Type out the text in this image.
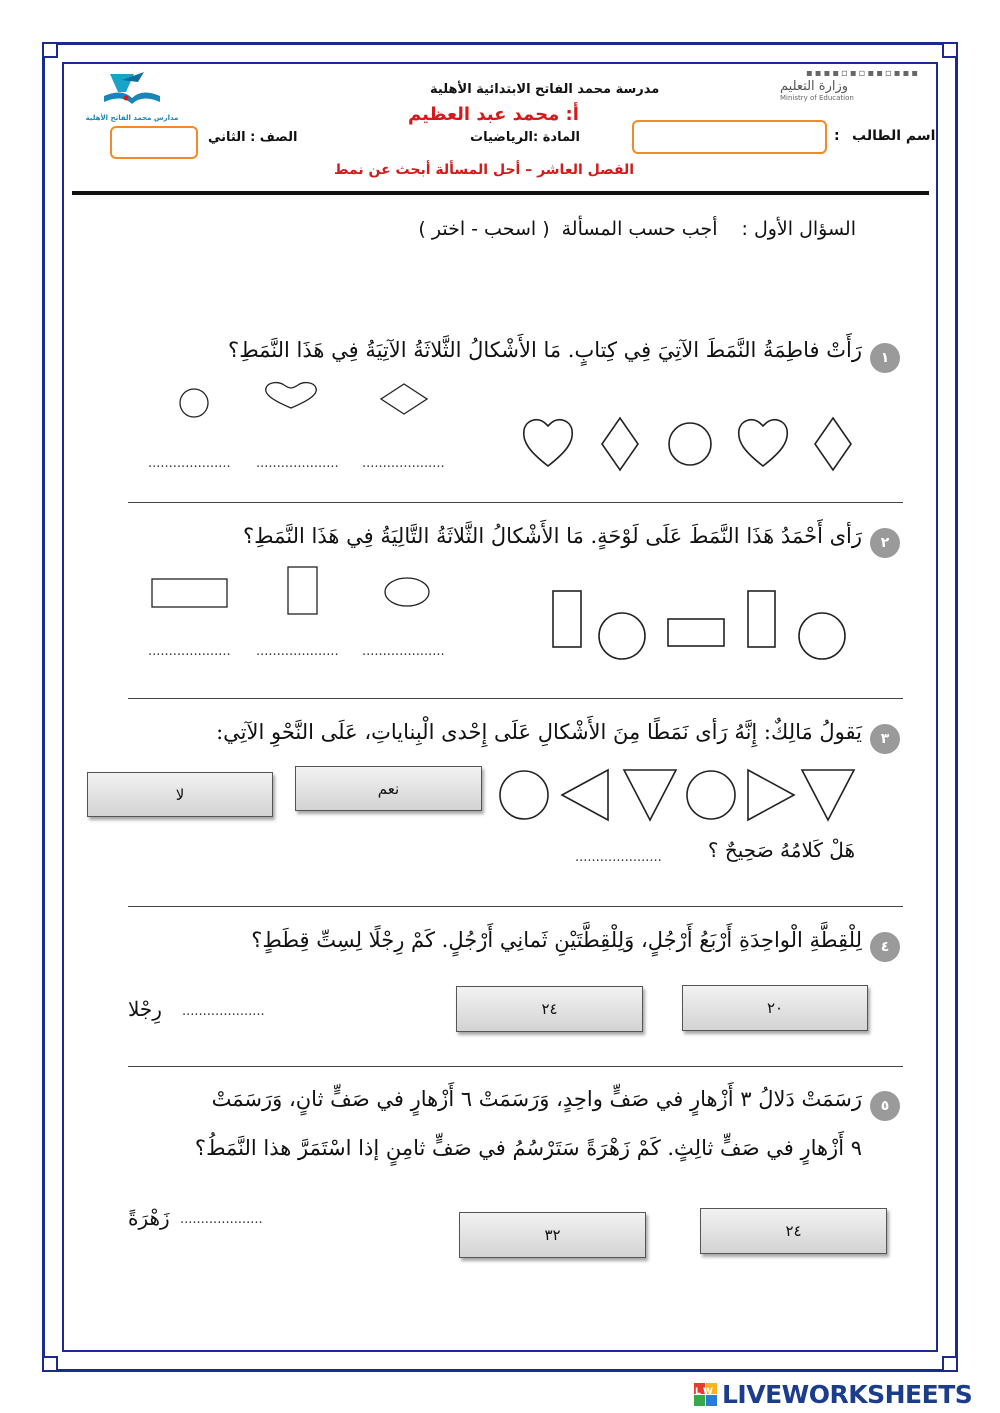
مدارس محمد الفاتح الأهلية
▪▪▪▪▫▪▫▪▪▫▪▪▪
وزارة التعليم
Ministry of Education
مدرسة محمد الفاتح الابتدائية الأهلية
أ: محمد عبد العظيم
المادة :الرياضيات	اسم الطالب
:
الصف : الثاني
الفصل العاشر – أحل المسألة أبحث عن نمط
السؤال الأول :
أجب حسب المسألة
( اسحب - اختر )
١
رَأَتْ فاطِمَةُ النَّمَطَ الآتِيَ فِي كِتابٍ. مَا الأَشْكالُ الثَّلاثَةُ الآتِيَةُ فِي هَذَا النَّمَطِ؟
.................... .................... ....................
٢
رَأى أَحْمَدُ هَذَا النَّمَطَ عَلَى لَوْحَةٍ. مَا الأَشْكالُ الثَّلاثَةُ التَّالِيَةُ فِي هَذَا النَّمَطِ؟
.................... .................... ....................
٣
يَقولُ مَالِكٌ: إِنَّهُ رَأى نَمَطًا مِنَ الأَشْكالِ عَلَى إِحْدى الْبِناياتِ، عَلَى النَّحْوِ الآتِي:
لا	نعم
هَلْ كَلامُهُ صَحِيحٌ ؟
.....................
٤
لِلْقِطَّةِ الْواحِدَةِ أَرْبَعُ أَرْجُلٍ، وَلِلْقِطَّتَيْنِ ثَمانِي أَرْجُلٍ. كَمْ رِجْلًا لِسِتِّ قِطَطٍ؟
٢٠
٢٤
رِجْلا ....................
٥
رَسَمَتْ دَلالُ ٣ أَزْهارٍ في صَفٍّ واحِدٍ، وَرَسَمَتْ ٦ أَزْهارٍ في صَفٍّ ثانٍ، وَرَسَمَتْ
٩ أَزْهارٍ في صَفٍّ ثالِثٍ. كَمْ زَهْرَةً سَتَرْسُمُ في صَفٍّ ثامِنٍ إذا اسْتَمَرَّ هذا النَّمَطُ؟
٢٤
٣٢
زَهْرَةً ....................
LW LIVEWORKSHEETS
